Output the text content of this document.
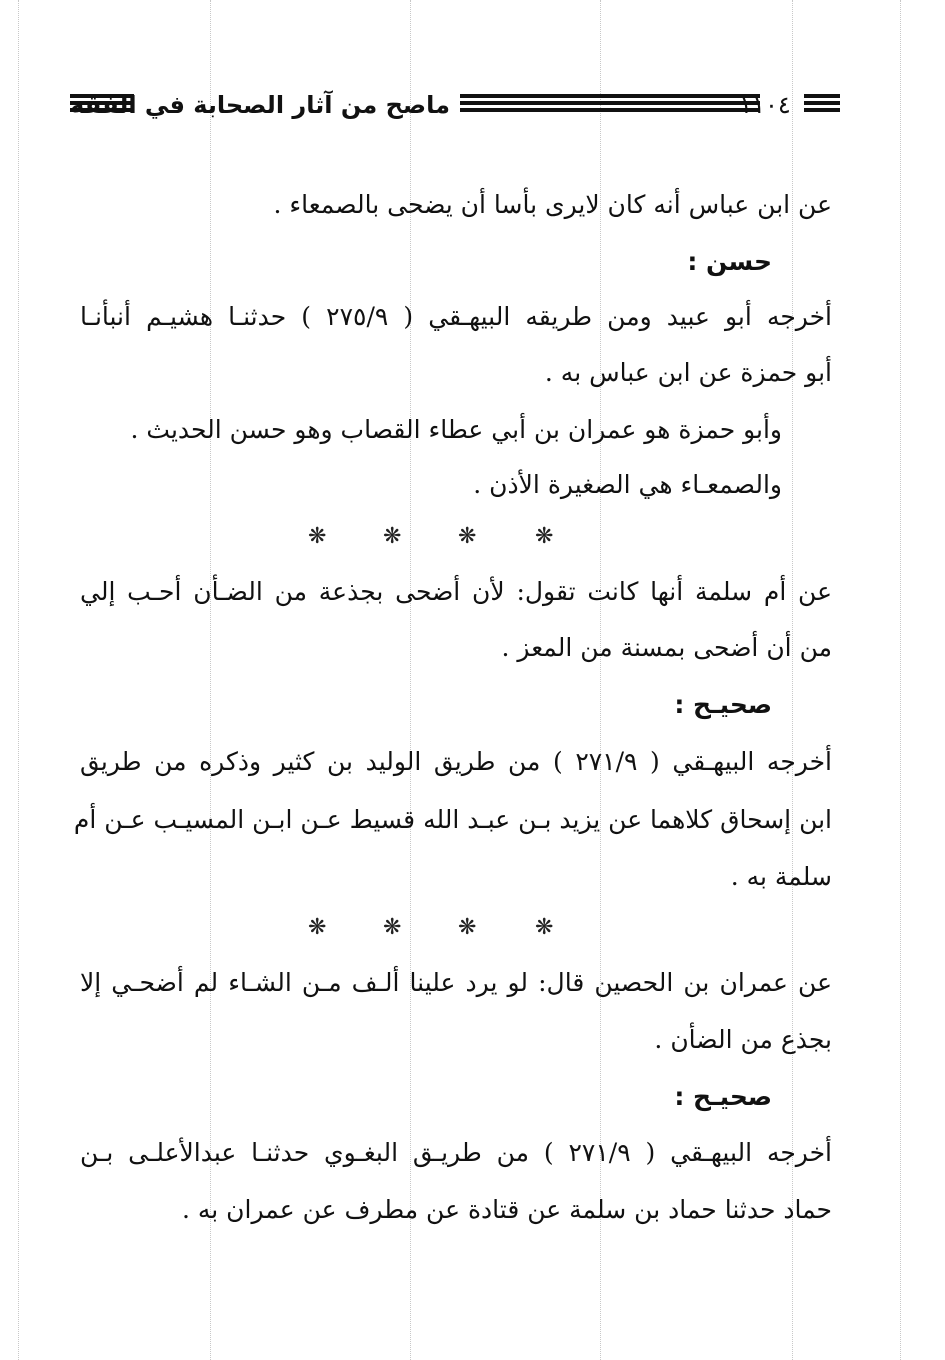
ماصح من آثار الصحابة في الفقه	١١٠٤
عن ابن عباس أنه كان لايرى بأسا أن يضحى بالصمعاء .
حسن :
أخرجه أبو عبيد ومن طريقه البيهـقي ( ٢٧٥/٩ ) حدثنـا هشيـم أنبأنـا
أبو حمزة عن ابن عباس به .
وأبو حمزة هو عمران بن أبي عطاء القصاب وهو حسن الحديث .
والصمعـاء هي الصغيرة الأذن .
❋	❋	❋	❋
عن أم سلمة أنها كانت تقول: لأن أضحى بجذعة من الضـأن أحـب إلي
من أن أضحى بمسنة من المعز .
صحيـح :
أخرجه البيهـقي ( ٢٧١/٩ ) من طريق الوليد بن كثير وذكره من طريق
ابن إسحاق كلاهما عن يزيد بـن عبـد الله قسيط عـن ابـن المسيـب عـن أم
سلمة به .
❋	❋	❋	❋
عن عمران بن الحصين قال: لو يرد علينا ألـف مـن الشـاء لم أضحـي إلا
بجذع من الضأن .
صحيـح :
أخرجه البيهـقي ( ٢٧١/٩ ) من طريـق البغـوي حدثنـا عبدالأعلـى بـن
حماد حدثنا حماد بن سلمة عن قتادة عن مطرف عن عمران به .
